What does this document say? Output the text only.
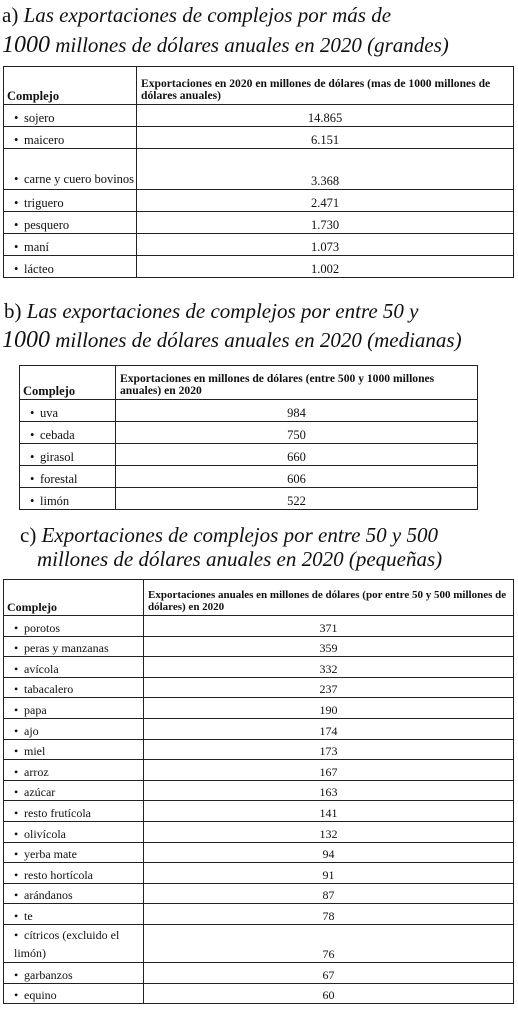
a) Las exportaciones de complejos por más de
1000 millones de dólares anuales en 2020 (grandes)
Complejo	Exportaciones en 2020 en millones de dólares (mas de 1000 millones de dólares anuales)
• sojero	14.865
• maicero	6.151
• carne y cuero bovinos	3.368
• triguero	2.471
• pesquero	1.730
• maní	1.073
• lácteo	1.002
b) Las exportaciones de complejos por entre 50 y
1000 millones de dólares anuales en 2020 (medianas)
Complejo	Exportaciones en millones de dólares (entre 500 y 1000 millones anuales) en 2020
• uva	984
• cebada	750
• girasol	660
• forestal	606
• limón	522
c) Exportaciones de complejos por entre 50 y 500
millones de dólares anuales en 2020 (pequeñas)
Complejo	Exportaciones anuales en millones de dólares (por entre 50 y 500 millones de dólares) en 2020
• porotos	371
• peras y manzanas	359
• avícola	332
• tabacalero	237
• papa	190
• ajo	174
• miel	173
• arroz	167
• azúcar	163
• resto frutícola	141
• olivícola	132
• yerba mate	94
• resto hortícola	91
• arándanos	87
• te	78
• cítricos (excluido el limón)	76
• garbanzos	67
• equino	60
